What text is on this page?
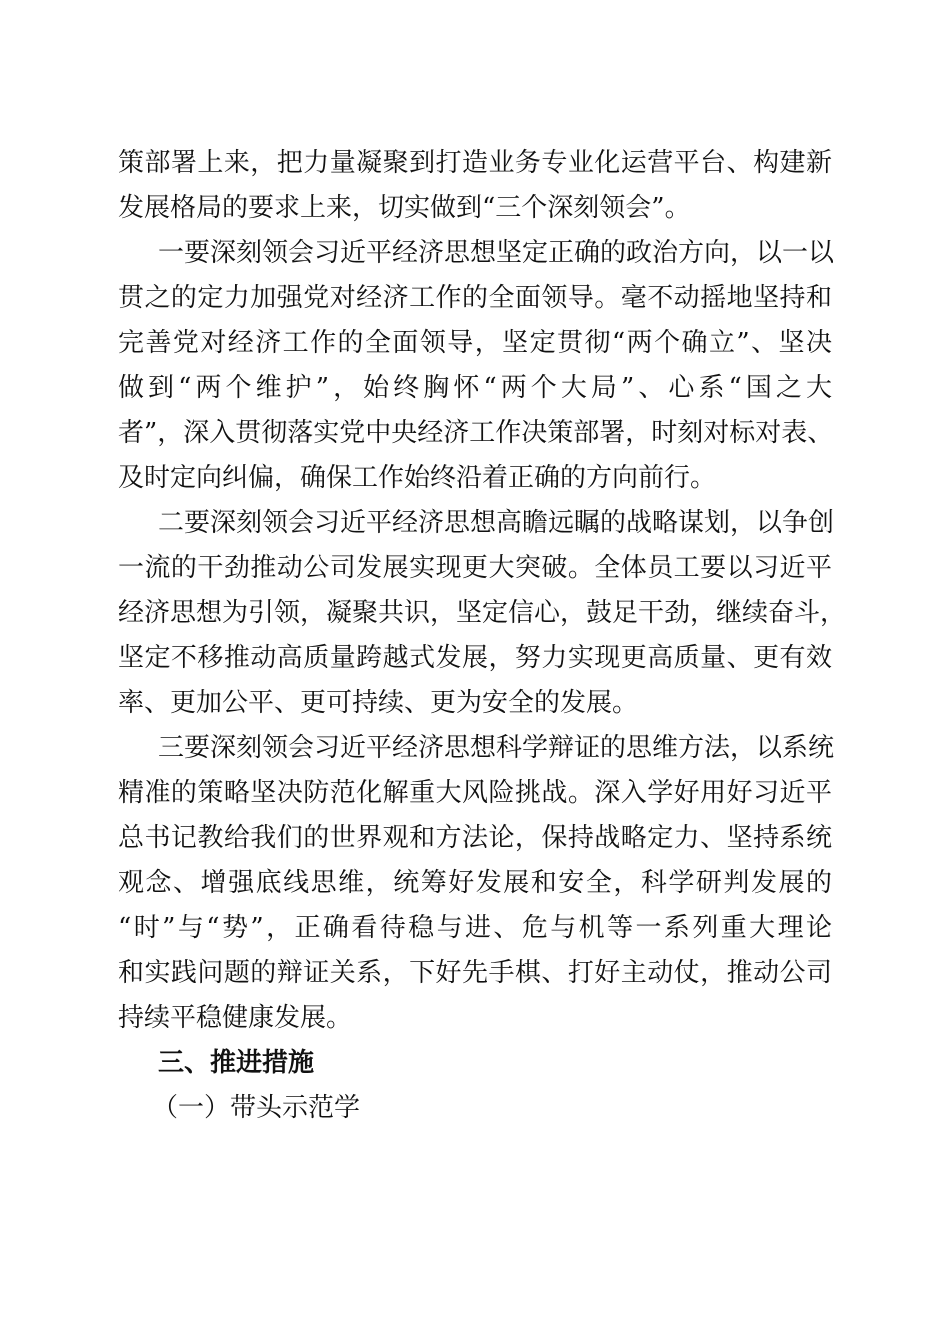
策部署上来，把力量凝聚到打造业务专业化运营平台、构建新
发展格局的要求上来，切实做到“三个深刻领会”。
一要深刻领会习近平经济思想坚定正确的政治方向，以一以
贯之的定力加强党对经济工作的全面领导。毫不动摇地坚持和
完善党对经济工作的全面领导，坚定贯彻“两个确立”、坚决
做到“两个维护”，始终胸怀“两个大局”、心系“国之大
者”，深入贯彻落实党中央经济工作决策部署，时刻对标对表、
及时定向纠偏，确保工作始终沿着正确的方向前行。
二要深刻领会习近平经济思想高瞻远瞩的战略谋划，以争创
一流的干劲推动公司发展实现更大突破。全体员工要以习近平
经济思想为引领，凝聚共识，坚定信心，鼓足干劲，继续奋斗，
坚定不移推动高质量跨越式发展，努力实现更高质量、更有效
率、更加公平、更可持续、更为安全的发展。
三要深刻领会习近平经济思想科学辩证的思维方法，以系统
精准的策略坚决防范化解重大风险挑战。深入学好用好习近平
总书记教给我们的世界观和方法论，保持战略定力、坚持系统
观念、增强底线思维，统筹好发展和安全，科学研判发展的
“时”与“势”，正确看待稳与进、危与机等一系列重大理论
和实践问题的辩证关系，下好先手棋、打好主动仗，推动公司
持续平稳健康发展。
三、推进措施
（一）带头示范学
